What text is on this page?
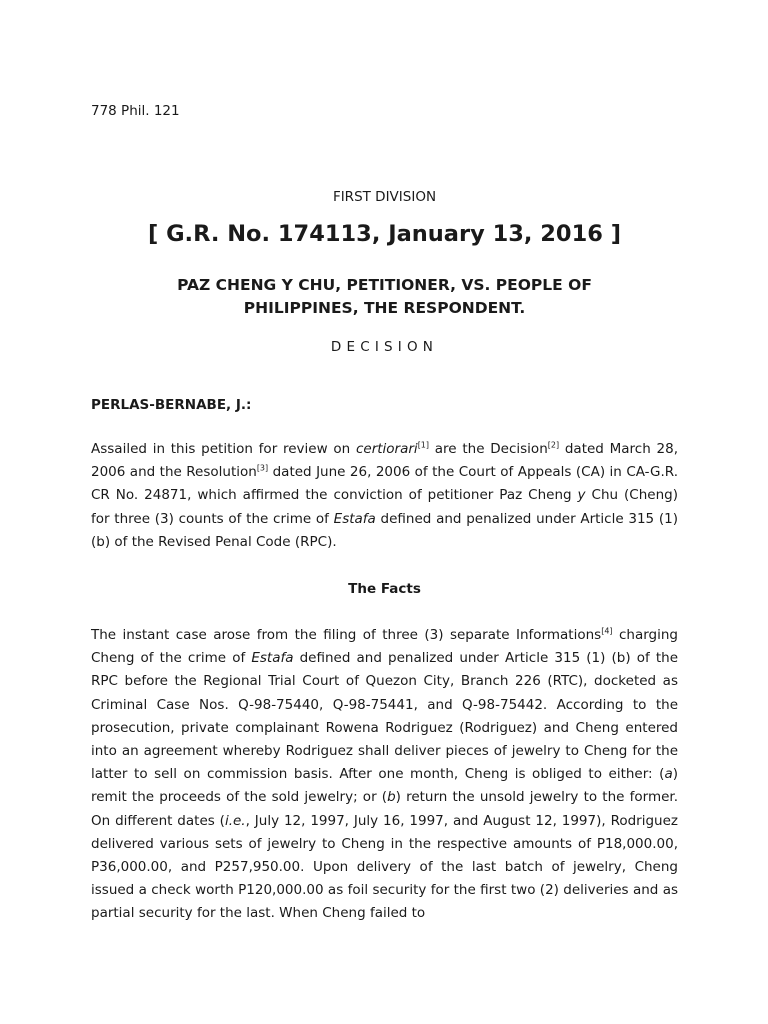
778 Phil. 121
FIRST DIVISION
[ G.R. No. 174113, January 13, 2016 ]
PAZ CHENG Y CHU, PETITIONER, VS. PEOPLE OF
PHILIPPINES, THE RESPONDENT.
DECISION
PERLAS-BERNABE, J.:

Assailed in this petition for review on certiorari[1] are the Decision[2] dated March 28, 2006 and the Resolution[3] dated June 26, 2006 of the Court of Appeals (CA) in CA-G.R. CR No. 24871, which affirmed the conviction of petitioner Paz Cheng y Chu (Cheng) for three (3) counts of the crime of Estafa defined and penalized under Article 315 (1) (b) of the Revised Penal Code (RPC).

The Facts

The instant case arose from the filing of three (3) separate Informations[4] charging Cheng of the crime of Estafa defined and penalized under Article 315 (1) (b) of the RPC before the Regional Trial Court of Quezon City, Branch 226 (RTC), docketed as Criminal Case Nos. Q-98-75440, Q-98-75441, and Q-98-75442. According to the prosecution, private complainant Rowena Rodriguez (Rodriguez) and Cheng entered into an agreement whereby Rodriguez shall deliver pieces of jewelry to Cheng for the latter to sell on commission basis. After one month, Cheng is obliged to either: (a) remit the proceeds of the sold jewelry; or (b) return the unsold jewelry to the former. On different dates (i.e., July 12, 1997, July 16, 1997, and August 12, 1997), Rodriguez delivered various sets of jewelry to Cheng in the respective amounts of P18,000.00, P36,000.00, and P257,950.00. Upon delivery of the last batch of jewelry, Cheng issued a check worth P120,000.00 as foil security for the first two (2) deliveries and as partial security for the last. When Cheng failed to
